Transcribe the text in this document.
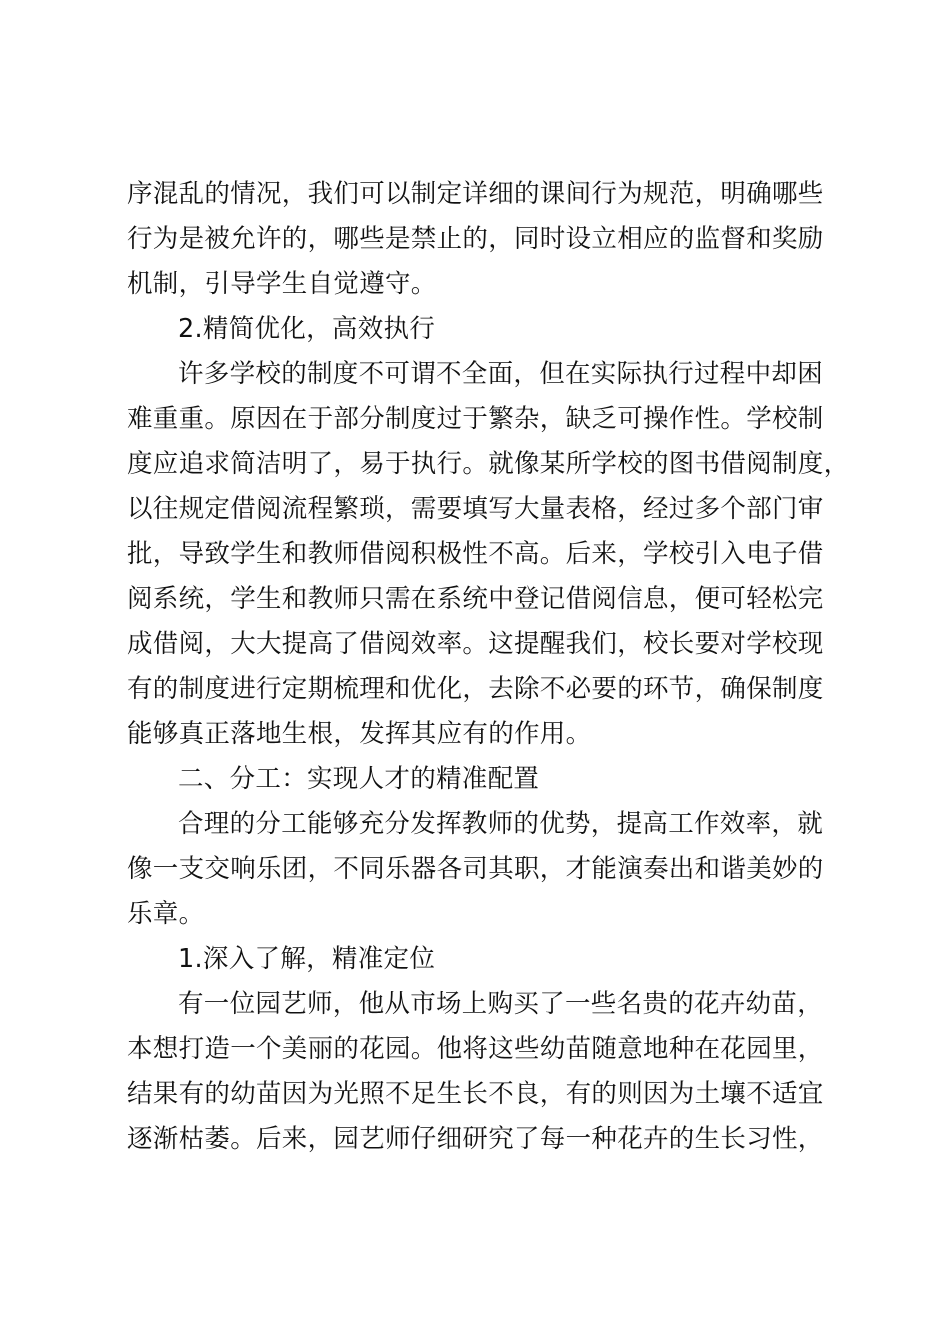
序混乱的情况，我们可以制定详细的课间行为规范，明确哪些
行为是被允许的，哪些是禁止的，同时设立相应的监督和奖励
机制，引导学生自觉遵守。
2.精简优化，高效执行
许多学校的制度不可谓不全面，但在实际执行过程中却困
难重重。原因在于部分制度过于繁杂，缺乏可操作性。学校制
度应追求简洁明了，易于执行。就像某所学校的图书借阅制度，
以往规定借阅流程繁琐，需要填写大量表格，经过多个部门审
批，导致学生和教师借阅积极性不高。后来，学校引入电子借
阅系统，学生和教师只需在系统中登记借阅信息，便可轻松完
成借阅，大大提高了借阅效率。这提醒我们，校长要对学校现
有的制度进行定期梳理和优化，去除不必要的环节，确保制度
能够真正落地生根，发挥其应有的作用。
二、分工：实现人才的精准配置
合理的分工能够充分发挥教师的优势，提高工作效率，就
像一支交响乐团，不同乐器各司其职，才能演奏出和谐美妙的
乐章。
1.深入了解，精准定位
有一位园艺师，他从市场上购买了一些名贵的花卉幼苗，
本想打造一个美丽的花园。他将这些幼苗随意地种在花园里，
结果有的幼苗因为光照不足生长不良，有的则因为土壤不适宜
逐渐枯萎。后来，园艺师仔细研究了每一种花卉的生长习性，
